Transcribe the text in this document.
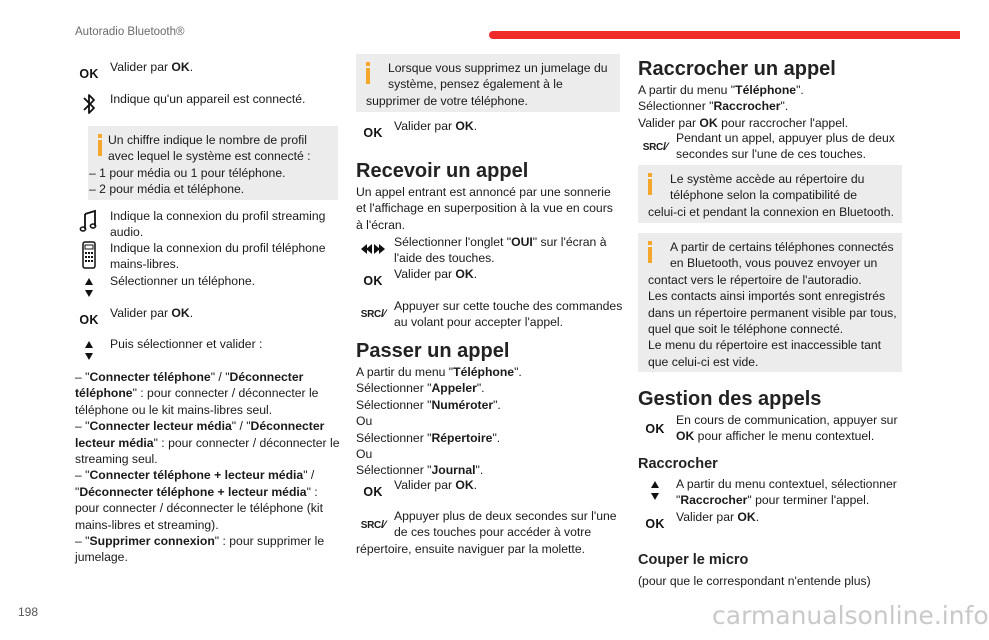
Autoradio Bluetooth®
OK Valider par OK.
Indique qu'un appareil est connecté.
Un chiffre indique le nombre de profil
avec lequel le système est connecté :
– 1 pour média ou 1 pour téléphone.
– 2 pour média et téléphone.
Indique la connexion du profil streaming
audio.
Indique la connexion du profil téléphone
mains-libres.
Sélectionner un téléphone.
OK Valider par OK.
Puis sélectionner et valider :
– "Connecter téléphone" / "Déconnecter
téléphone" : pour connecter / déconnecter le
téléphone ou le kit mains-libres seul.
– "Connecter lecteur média" / "Déconnecter
lecteur média" : pour connecter / déconnecter le
streaming seul.
– "Connecter téléphone + lecteur média" /
"Déconnecter téléphone + lecteur média" :
pour connecter / déconnecter le téléphone (kit
mains-libres et streaming).
– "Supprimer connexion" : pour supprimer le
jumelage.
Lorsque vous supprimez un jumelage du
système, pensez également à le
supprimer de votre téléphone.
OK Valider par OK.
Recevoir un appel
Un appel entrant est annoncé par une sonnerie
et l'affichage en superposition à la vue en cours
à l'écran.
Sélectionner l'onglet "OUI" sur l'écran à
l'aide des touches.
OK Valider par OK.
SRC/⁄
Appuyer sur cette touche des commandes
au volant pour accepter l'appel.
Passer un appel
A partir du menu "Téléphone".
Sélectionner "Appeler".
Sélectionner "Numéroter".
Ou
Sélectionner "Répertoire".
Ou
Sélectionner "Journal".
OK Valider par OK.
SRC/⁄
Appuyer plus de deux secondes sur l'une
de ces touches pour accéder à votre
répertoire, ensuite naviguer par la molette.
Raccrocher un appel
A partir du menu "Téléphone".
Sélectionner "Raccrocher".
Valider par OK pour raccrocher l'appel.
SRC/⁄
Pendant un appel, appuyer plus de deux
secondes sur l'une de ces touches.
Le système accède au répertoire du
téléphone selon la compatibilité de
celui-ci et pendant la connexion en Bluetooth.
A partir de certains téléphones connectés
en Bluetooth, vous pouvez envoyer un
contact vers le répertoire de l'autoradio.
Les contacts ainsi importés sont enregistrés
dans un répertoire permanent visible par tous,
quel que soit le téléphone connecté.
Le menu du répertoire est inaccessible tant
que celui-ci est vide.
Gestion des appels
OK
En cours de communication, appuyer sur
OK pour afficher le menu contextuel.
Raccrocher
A partir du menu contextuel, sélectionner
"Raccrocher" pour terminer l'appel.
OK Valider par OK.
Couper le micro
(pour que le correspondant n'entende plus)
198	carmanualsonline.info
